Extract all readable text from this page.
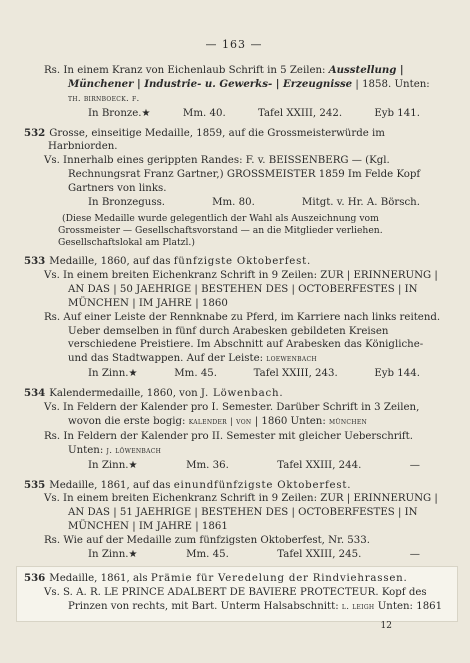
— 163 —
Rs. In einem Kranz von Eichenlaub Schrift in 5 Zeilen: Ausstellung | Münchener | Industrie- u. Gewerks- | Erzeugnisse | 1858. Unten: th. birnboeck. f.
In Bronze.★	Mm. 40.	Tafel XXIII, 242.	Eyb 141.
532 Grosse, einseitige Medaille, 1859, auf die Grossmeisterwürde im Harbniorden.
Vs. Innerhalb eines gerippten Randes: F. v. BEISSENBERG — (Kgl. Rechnungsrat Franz Gartner,) GROSSMEISTER 1859 Im Felde Kopf Gartners von links.
In Bronzeguss.	Mm. 80.	Mitgt. v. Hr. A. Börsch.
(Diese Medaille wurde gelegentlich der Wahl als Auszeichnung vom Grossmeister — Gesellschaftsvorstand — an die Mitglieder verliehen. Gesellschaftslokal am Platzl.)
533 Medaille, 1860, auf das fünfzigste Oktoberfest.
Vs. In einem breiten Eichenkranz Schrift in 9 Zeilen: ZUR | ERINNERUNG | AN DAS | 50 JAEHRIGE | BESTEHEN DES | OCTOBERFESTES | IN MÜNCHEN | IM JAHRE | 1860
Rs. Auf einer Leiste der Rennknabe zu Pferd, im Karriere nach links reitend. Ueber demselben in fünf durch Arabesken gebildeten Kreisen verschiedene Preistiere. Im Abschnitt auf Arabesken das Königliche- und das Stadtwappen. Auf der Leiste: loewenbach
In Zinn.★	Mm. 45.	Tafel XXIII, 243.	Eyb 144.
534 Kalendermedaille, 1860, von J. Löwenbach.
Vs. In Feldern der Kalender pro I. Semester. Darüber Schrift in 3 Zeilen, wovon die erste bogig: kalender | von | 1860 Unten: münchen
Rs. In Feldern der Kalender pro II. Semester mit gleicher Ueberschrift. Unten: j. löwenbach
In Zinn.★	Mm. 36.	Tafel XXIII, 244.	—
535 Medaille, 1861, auf das einundfünfzigste Oktoberfest.
Vs. In einem breiten Eichenkranz Schrift in 9 Zeilen: ZUR | ERINNERUNG | AN DAS | 51 JAEHRIGE | BESTEHEN DES | OCTOBERFESTES | IN MÜNCHEN | IM JAHRE | 1861
Rs. Wie auf der Medaille zum fünfzigsten Oktoberfest, Nr. 533.
In Zinn.★	Mm. 45.	Tafel XXIII, 245.	—
536 Medaille, 1861, als Prämie für Veredelung der Rindviehrassen.
Vs. S. A. R. LE PRINCE ADALBERT DE BAVIERE PROTECTEUR. Kopf des Prinzen von rechts, mit Bart. Unterm Halsabschnitt: l. leigh Unten: 1861
12
